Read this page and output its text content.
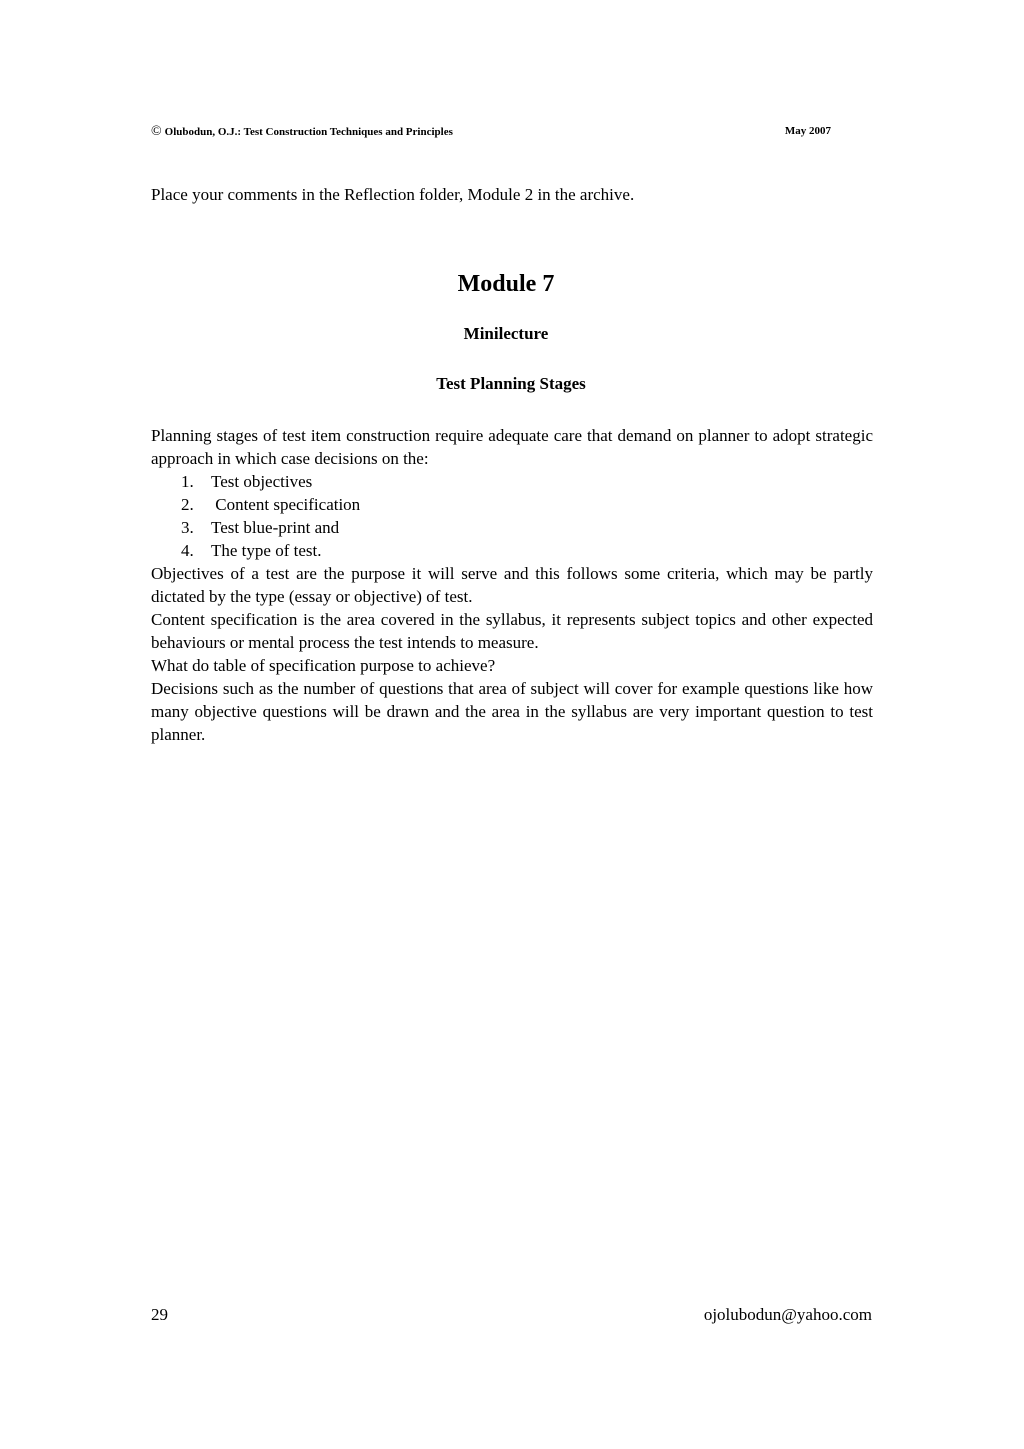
© Olubodun, O.J.: Test Construction Techniques and Principles	May 2007
Place your comments in the Reflection folder, Module 2 in the archive.
Module 7
Minilecture
Test Planning Stages

Planning stages of test item construction require adequate care that demand on planner to adopt strategic approach in which case decisions on the:

1. Test objectives
2. Content specification
3. Test blue-print and
4. The type of test.

Objectives of a test are the purpose it will serve and this follows some criteria, which may be partly dictated by the type (essay or objective) of test.

Content specification is the area covered in the syllabus, it represents subject topics and other expected behaviours or mental process the test intends to measure.

What do table of specification purpose to achieve?

Decisions such as the number of questions that area of subject will cover for example questions like how many objective questions will be drawn and the area in the syllabus are very important question to test planner.

29	ojolubodun@yahoo.com
